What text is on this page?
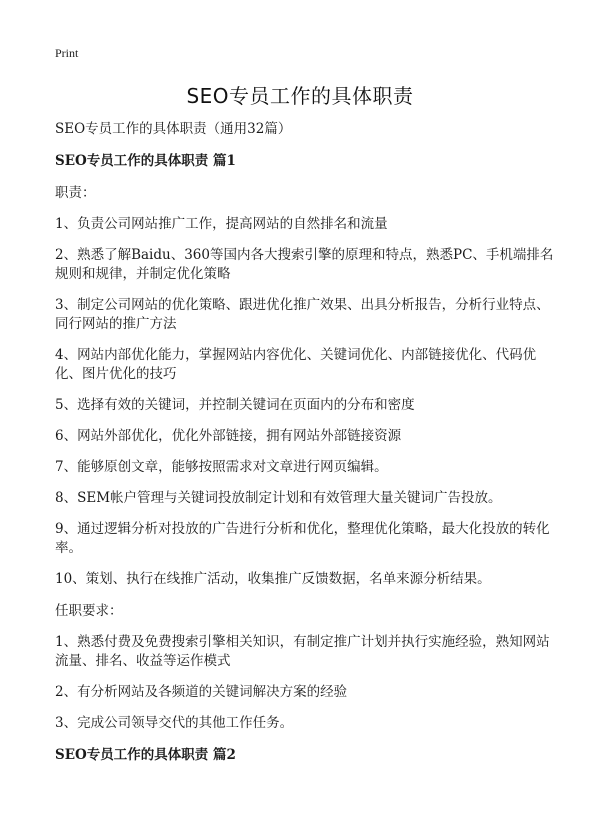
Print
SEO专员工作的具体职责

SEO专员工作的具体职责（通用32篇）

SEO专员工作的具体职责 篇1

职责：

1、负责公司网站推广工作，提高网站的自然排名和流量

2、熟悉了解Baidu、360等国内各大搜索引擎的原理和特点，熟悉PC、手机端排名规则和规律，并制定优化策略

3、制定公司网站的优化策略、跟进优化推广效果、出具分析报告，分析行业特点、同行网站的推广方法

4、网站内部优化能力，掌握网站内容优化、关键词优化、内部链接优化、代码优化、图片优化的技巧

5、选择有效的关键词，并控制关键词在页面内的分布和密度

6、网站外部优化，优化外部链接，拥有网站外部链接资源

7、能够原创文章，能够按照需求对文章进行网页编辑。

8、SEM帐户管理与关键词投放制定计划和有效管理大量关键词广告投放。

9、通过逻辑分析对投放的广告进行分析和优化，整理优化策略，最大化投放的转化率。

10、策划、执行在线推广活动，收集推广反馈数据，名单来源分析结果。

任职要求：

1、熟悉付费及免费搜索引擎相关知识，有制定推广计划并执行实施经验，熟知网站流量、排名、收益等运作模式

2、有分析网站及各频道的关键词解决方案的经验

3、完成公司领导交代的其他工作任务。

SEO专员工作的具体职责 篇2
